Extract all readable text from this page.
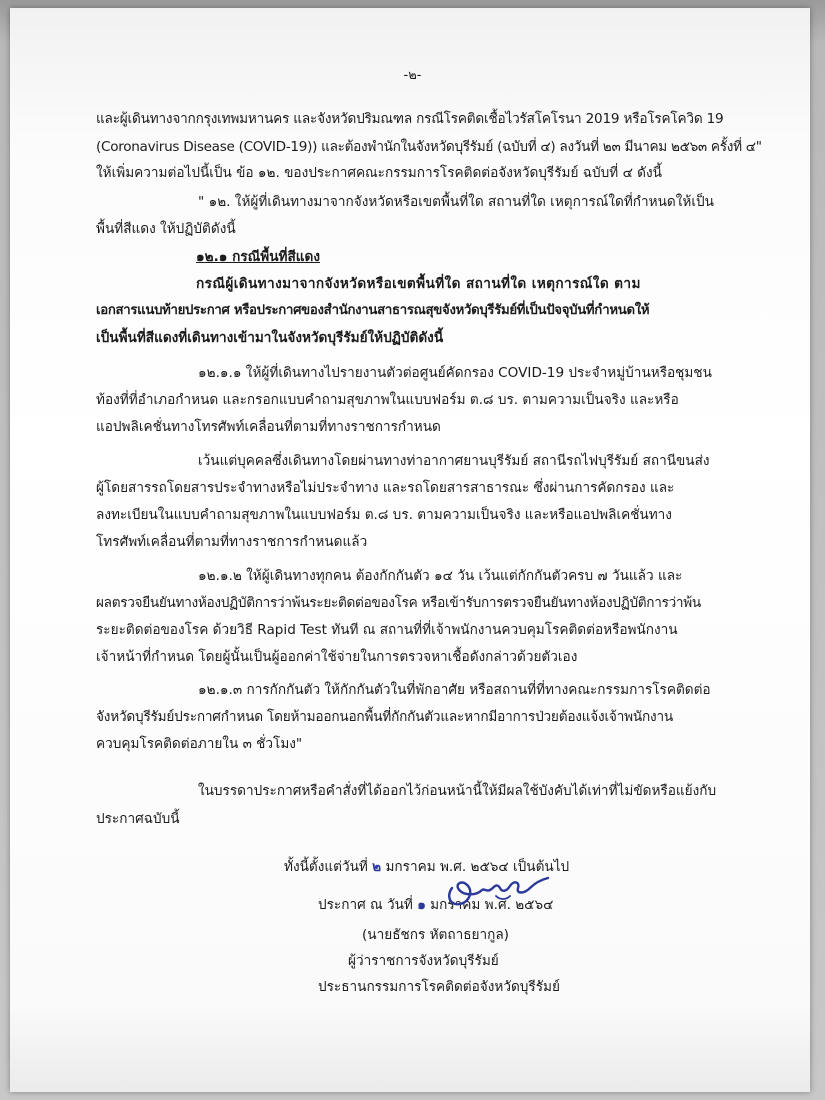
-๒-

และผู้เดินทางจากกรุงเทพมหานคร และจังหวัดปริมณฑล กรณีโรคติดเชื้อไวรัสโคโรนา 2019 หรือโรคโควิด 19

(Coronavirus Disease (COVID-19)) และต้องพำนักในจังหวัดบุรีรัมย์ (ฉบับที่ ๔) ลงวันที่ ๒๓ มีนาคม ๒๕๖๓ ครั้งที่ ๔"

ให้เพิ่มความต่อไปนี้เป็น ข้อ ๑๒. ของประกาศคณะกรรมการโรคติดต่อจังหวัดบุรีรัมย์ ฉบับที่ ๔ ดังนี้

" ๑๒. ให้ผู้ที่เดินทางมาจากจังหวัดหรือเขตพื้นที่ใด สถานที่ใด เหตุการณ์ใดที่กำหนดให้เป็น

พื้นที่สีแดง ให้ปฏิบัติดังนี้

๑๒.๑ กรณีพื้นที่สีแดง

กรณีผู้เดินทางมาจากจังหวัดหรือเขตพื้นที่ใด สถานที่ใด เหตุการณ์ใด ตาม

เอกสารแนบท้ายประกาศ หรือประกาศของสำนักงานสาธารณสุขจังหวัดบุรีรัมย์ที่เป็นปัจจุบันที่กำหนดให้

เป็นพื้นที่สีแดงที่เดินทางเข้ามาในจังหวัดบุรีรัมย์ให้ปฏิบัติดังนี้

๑๒.๑.๑ ให้ผู้ที่เดินทางไปรายงานตัวต่อศูนย์คัดกรอง COVID-19 ประจำหมู่บ้านหรือชุมชน

ท้องที่ที่อำเภอกำหนด และกรอกแบบคำถามสุขภาพในแบบฟอร์ม ต.๘ บร. ตามความเป็นจริง และหรือ

แอปพลิเคชั่นทางโทรศัพท์เคลื่อนที่ตามที่ทางราชการกำหนด

เว้นแต่บุคคลซึ่งเดินทางโดยผ่านทางท่าอากาศยานบุรีรัมย์ สถานีรถไฟบุรีรัมย์ สถานีขนส่ง

ผู้โดยสารรถโดยสารประจำทางหรือไม่ประจำทาง และรถโดยสารสาธารณะ ซึ่งผ่านการคัดกรอง และ

ลงทะเบียนในแบบคำถามสุขภาพในแบบฟอร์ม ต.๘ บร. ตามความเป็นจริง และหรือแอปพลิเคชั่นทาง

โทรศัพท์เคลื่อนที่ตามที่ทางราชการกำหนดแล้ว

๑๒.๑.๒ ให้ผู้เดินทางทุกคน ต้องกักกันตัว ๑๔ วัน เว้นแต่กักกันตัวครบ ๗ วันแล้ว และ

ผลตรวจยืนยันทางห้องปฏิบัติการว่าพ้นระยะติดต่อของโรค หรือเข้ารับการตรวจยืนยันทางห้องปฏิบัติการว่าพ้น

ระยะติดต่อของโรค ด้วยวิธี Rapid Test ทันที ณ สถานที่ที่เจ้าพนักงานควบคุมโรคติดต่อหรือพนักงาน

เจ้าหน้าที่กำหนด โดยผู้นั้นเป็นผู้ออกค่าใช้จ่ายในการตรวจหาเชื้อดังกล่าวด้วยตัวเอง

๑๒.๑.๓ การกักกันตัว ให้กักกันตัวในที่พักอาศัย หรือสถานที่ที่ทางคณะกรรมการโรคติดต่อ

จังหวัดบุรีรัมย์ประกาศกำหนด โดยห้ามออกนอกพื้นที่กักกันตัวและหากมีอาการป่วยต้องแจ้งเจ้าพนักงาน

ควบคุมโรคติดต่อภายใน ๓ ชั่วโมง"

ในบรรดาประกาศหรือคำสั่งที่ได้ออกไว้ก่อนหน้านี้ให้มีผลใช้บังคับได้เท่าที่ไม่ขัดหรือแย้งกับ

ประกาศฉบับนี้

ทั้งนี้ตั้งแต่วันที่ ๒ มกราคม พ.ศ. ๒๕๖๔ เป็นต้นไป

ประกาศ ณ วันที่ ๑ มกราคม พ.ศ. ๒๕๖๔

(นายธัชกร หัตถาธยากูล)

ผู้ว่าราชการจังหวัดบุรีรัมย์

ประธานกรรมการโรคติดต่อจังหวัดบุรีรัมย์
